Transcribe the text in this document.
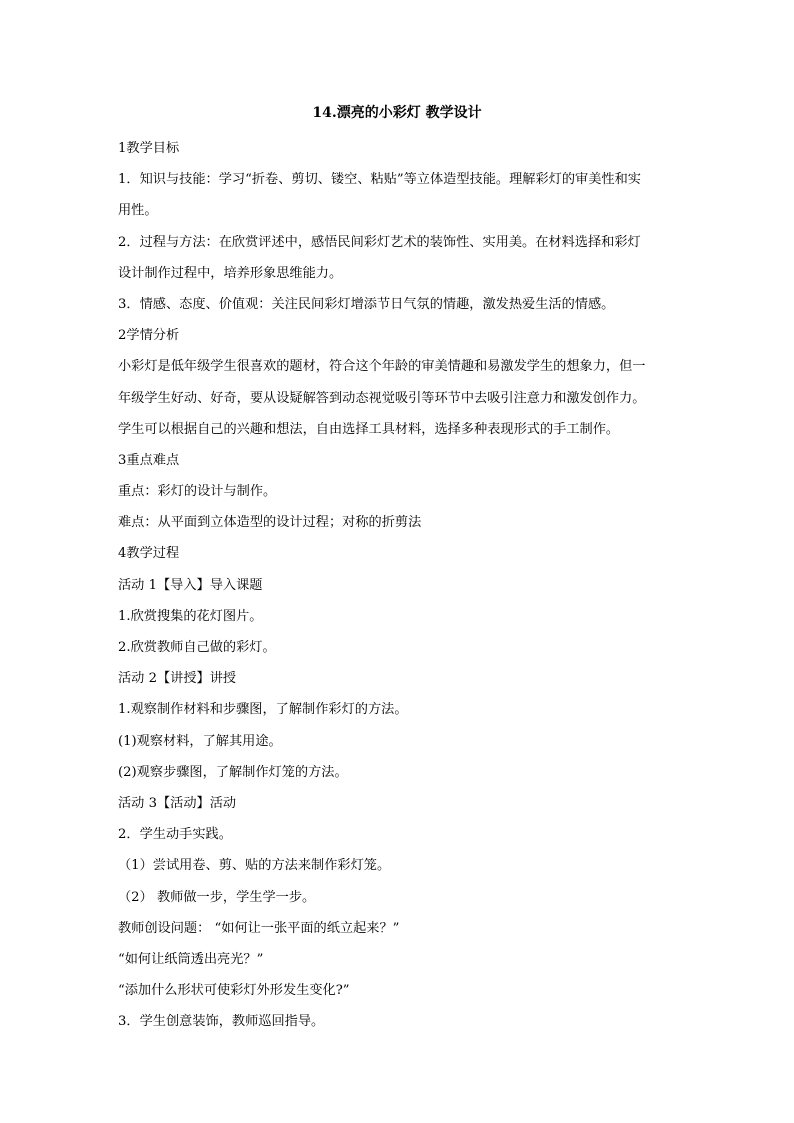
14.漂亮的小彩灯 教学设计

1教学目标

1．知识与技能：学习“折卷、剪切、镂空、粘贴”等立体造型技能。理解彩灯的审美性和实

用性。

2．过程与方法：在欣赏评述中，感悟民间彩灯艺术的装饰性、实用美。在材料选择和彩灯

设计制作过程中，培养形象思维能力。

3．情感、态度、价值观：关注民间彩灯增添节日气氛的情趣，激发热爱生活的情感。

2学情分析

小彩灯是低年级学生很喜欢的题材，符合这个年龄的审美情趣和易激发学生的想象力，但一

年级学生好动、好奇，要从设疑解答到动态视觉吸引等环节中去吸引注意力和激发创作力。

学生可以根据自己的兴趣和想法，自由选择工具材料，选择多种表现形式的手工制作。

3重点难点

重点：彩灯的设计与制作。

难点：从平面到立体造型的设计过程；对称的折剪法

4教学过程

活动 1【导入】导入课题

1.欣赏搜集的花灯图片。

2.欣赏教师自己做的彩灯。

活动 2【讲授】讲授

1.观察制作材料和步骤图，了解制作彩灯的方法。

(1)观察材料，了解其用途。

(2)观察步骤图，了解制作灯笼的方法。

活动 3【活动】活动

2．学生动手实践。

（1）尝试用卷、剪、贴的方法来制作彩灯笼。

（2） 教师做一步，学生学一步。

教师创设问题： “如何让一张平面的纸立起来？”

“如何让纸筒透出亮光？”

“添加什么形状可使彩灯外形发生变化?”

3．学生创意装饰，教师巡回指导。
